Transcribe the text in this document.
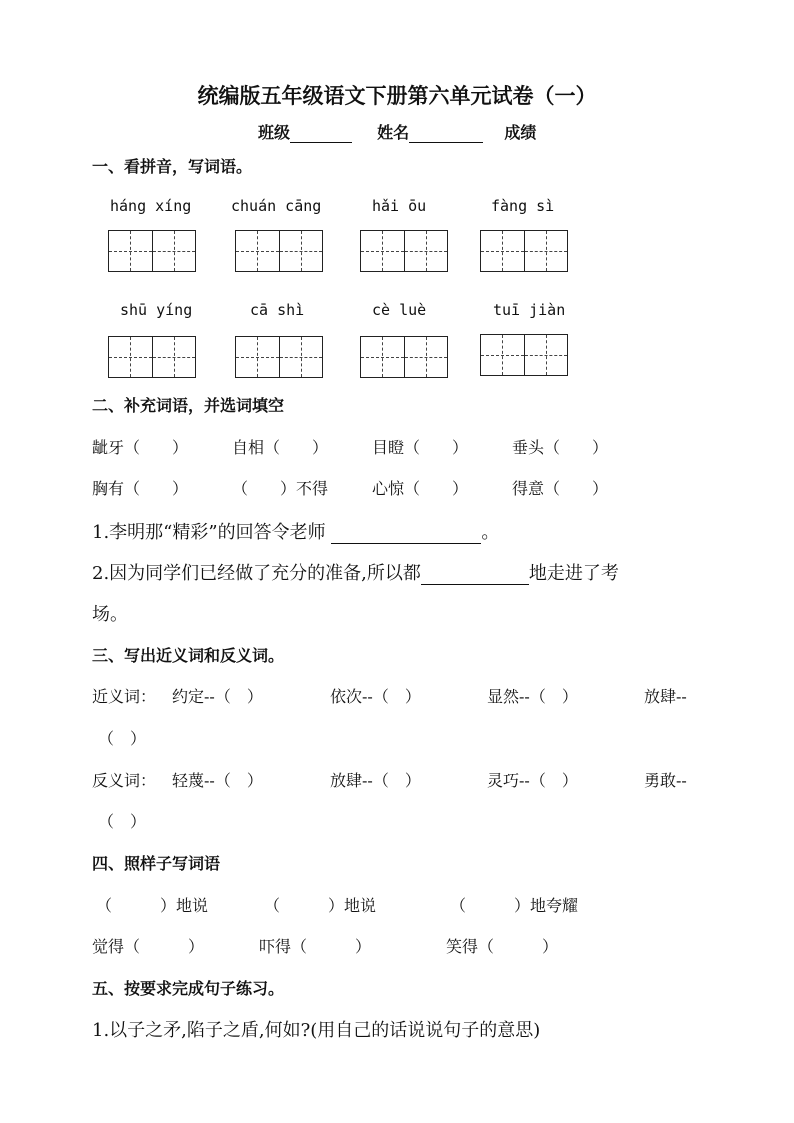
统编版五年级语文下册第六单元试卷（一）
班级	姓名	成绩
一、看拼音，写词语。
háng xíng	chuán cāng	hǎi ōu	fàng sì
shū yíng	cā shì	cè luè	tuī jiàn
二、补充词语，并选词填空
龇牙（　　）	自相（　　）	目瞪（　　）	垂头（　　）
胸有（　　）	（　　）不得	心惊（　　）	得意（　　）
1.李明那“精彩”的回答令老师	。
2.因为同学们已经做了充分的准备,所以都	地走进了考
场。
三、写出近义词和反义词。
近义词： 约定--（　）	依次--（　）	显然--（　）	放肆--
（　）
反义词： 轻蔑--（　）	放肆--（　）	灵巧--（　）	勇敢--
（　）
四、照样子写词语
（　　　）地说	（　　　）地说	（　　　）地夸耀
觉得（　　　）	吓得（　　　）	笑得（　　　）
五、按要求完成句子练习。
1.以子之矛,陷子之盾,何如?(用自己的话说说句子的意思)
